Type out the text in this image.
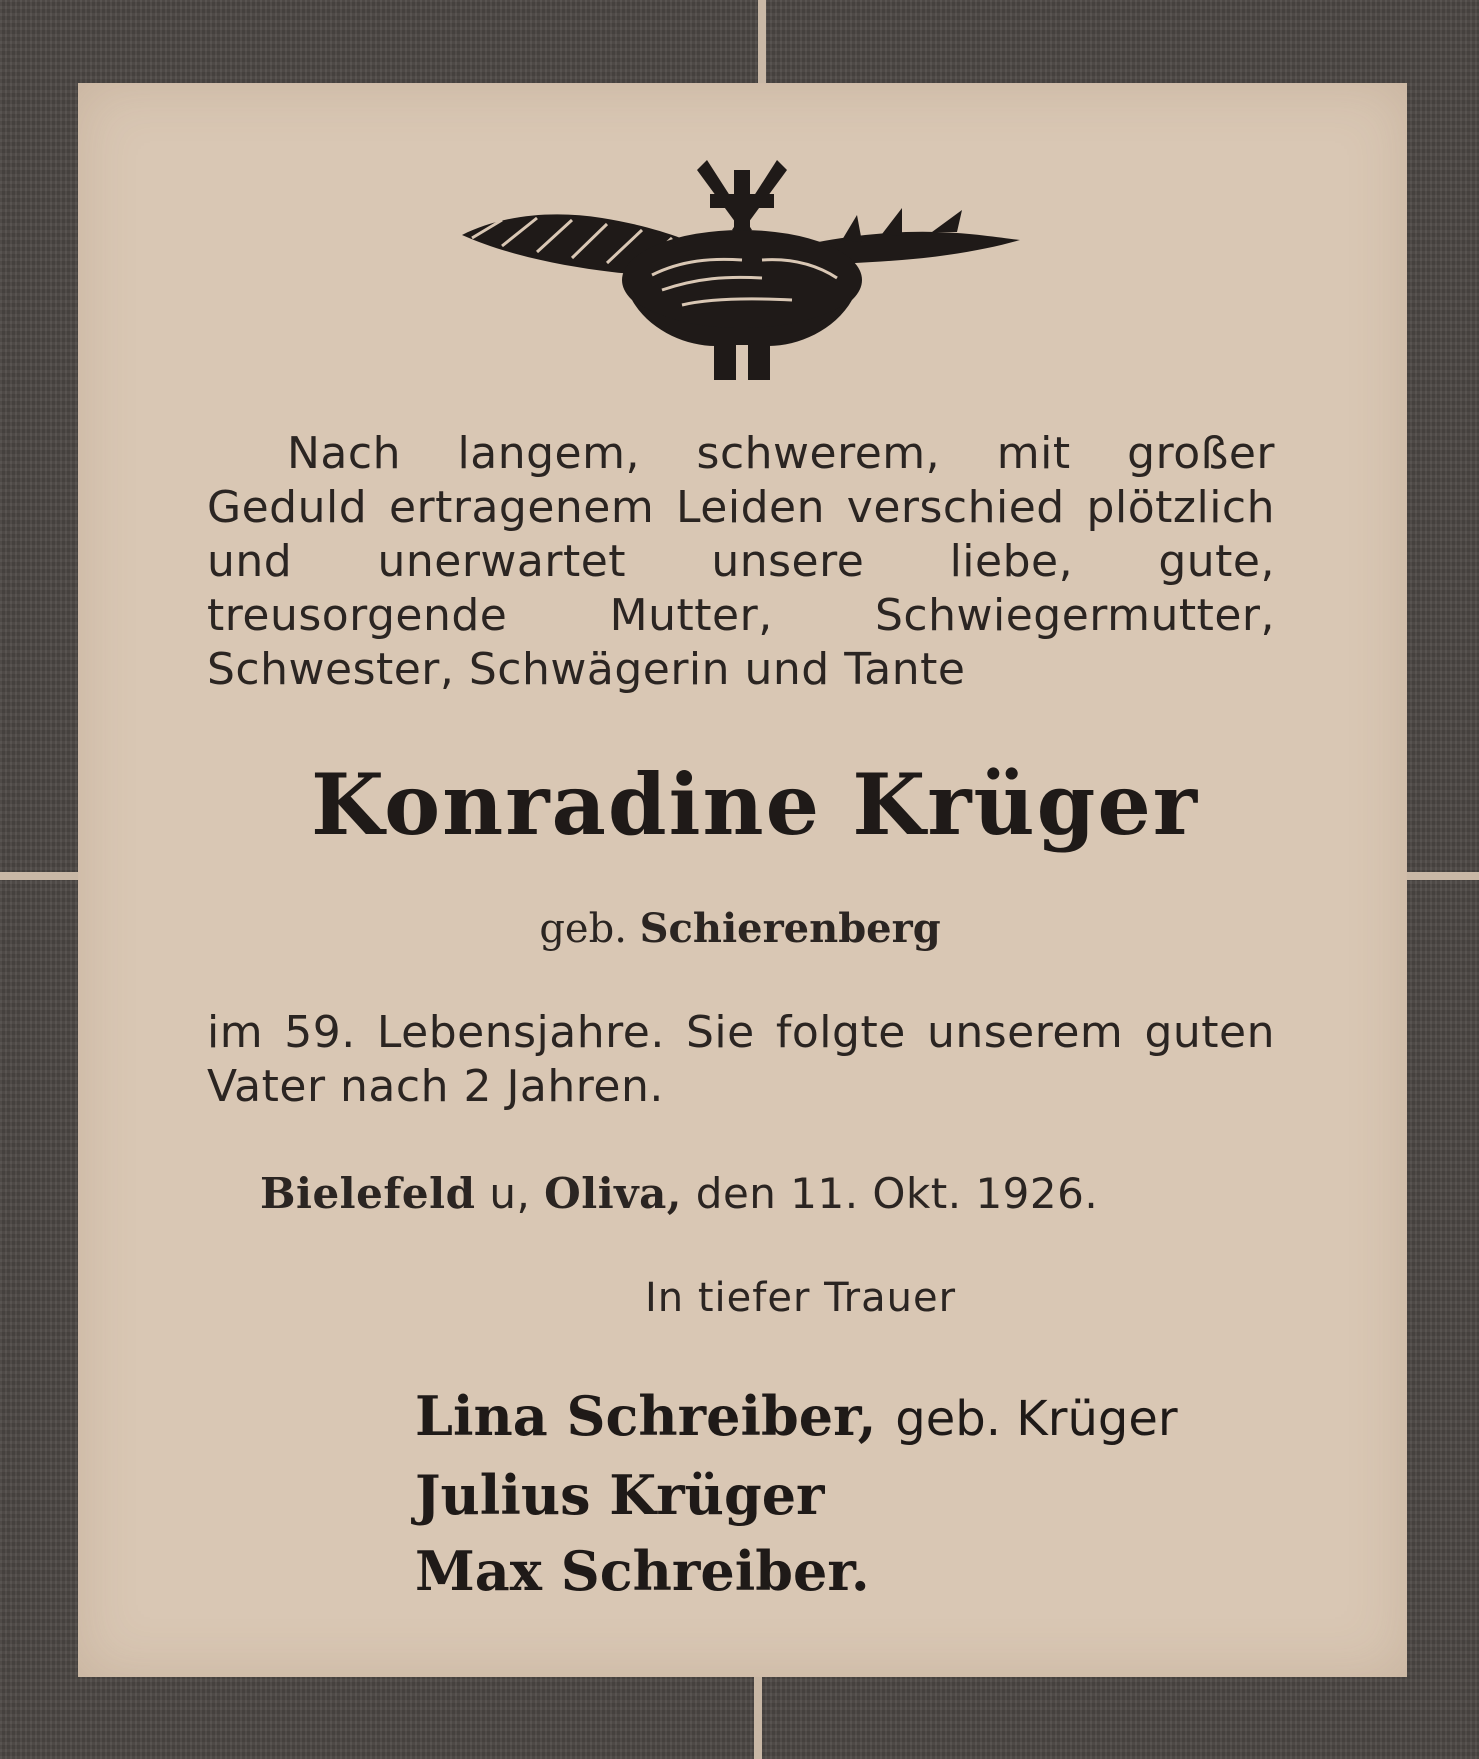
Nach langem, schwerem, mit großer Geduld ertragenem Leiden verschied plötzlich und unerwartet unsere liebe, gute, treusorgende Mutter, Schwiegermutter, Schwester, Schwägerin und Tante
Konradine Krüger
geb. Schierenberg
im 59. Lebensjahre. Sie folgte unserem guten Vater nach 2 Jahren.
Bielefeld u, Oliva, den 11. Okt. 1926.
In tiefer Trauer
Lina Schreiber, geb. Krüger
Julius Krüger
Max Schreiber.
